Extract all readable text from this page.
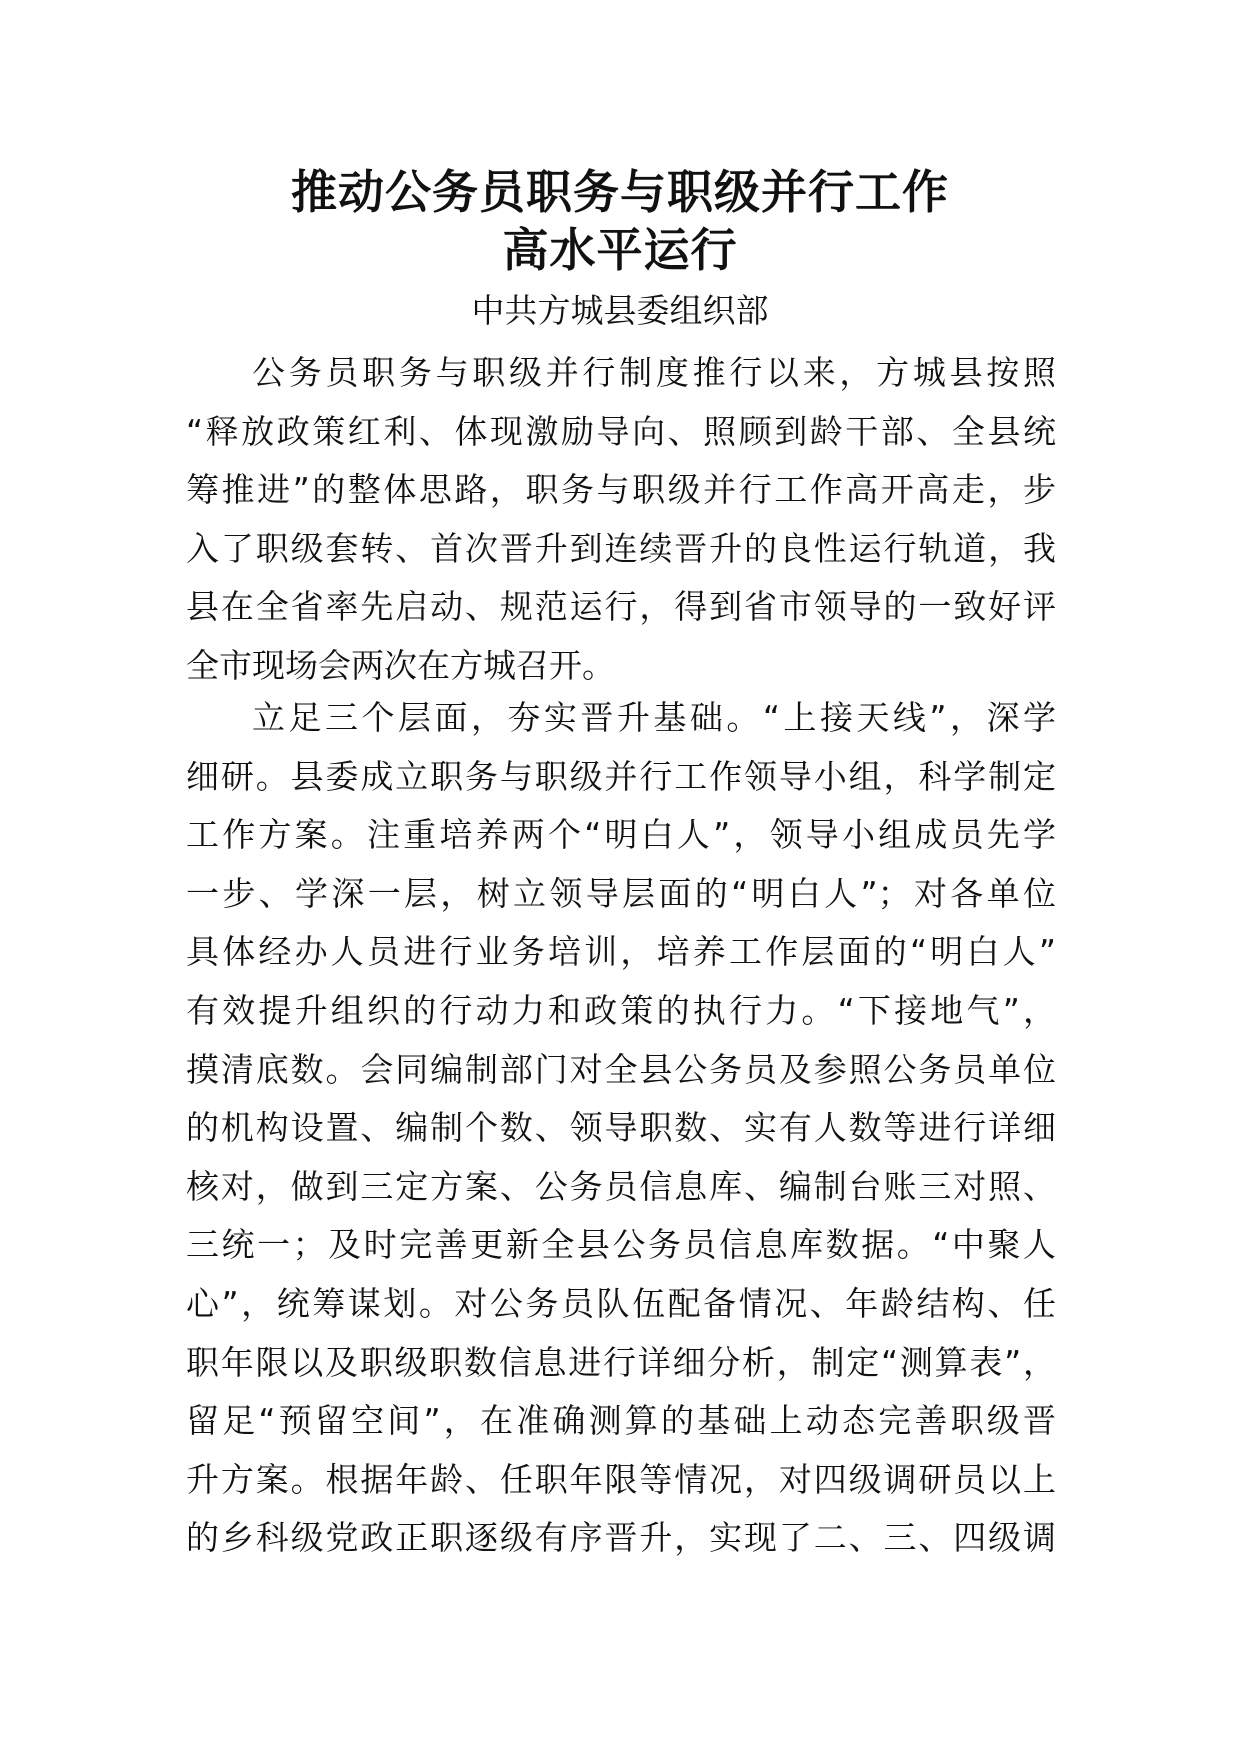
推动公务员职务与职级并行工作
高水平运行
中共方城县委组织部
公务员职务与职级并行制度推行以来，方城县按照
“释放政策红利、体现激励导向、照顾到龄干部、全县统
筹推进”的整体思路，职务与职级并行工作高开高走，步
入了职级套转、首次晋升到连续晋升的良性运行轨道，我
县在全省率先启动、规范运行，得到省市领导的一致好评
全市现场会两次在方城召开。
立足三个层面，夯实晋升基础。“上接天线”，深学
细研。县委成立职务与职级并行工作领导小组，科学制定
工作方案。注重培养两个“明白人”，领导小组成员先学
一步、学深一层，树立领导层面的“明白人”；对各单位
具体经办人员进行业务培训，培养工作层面的“明白人”
有效提升组织的行动力和政策的执行力。“下接地气”，
摸清底数。会同编制部门对全县公务员及参照公务员单位
的机构设置、编制个数、领导职数、实有人数等进行详细
核对，做到三定方案、公务员信息库、编制台账三对照、
三统一；及时完善更新全县公务员信息库数据。“中聚人
心”，统筹谋划。对公务员队伍配备情况、年龄结构、任
职年限以及职级职数信息进行详细分析，制定“测算表”，
留足“预留空间”，在准确测算的基础上动态完善职级晋
升方案。根据年龄、任职年限等情况，对四级调研员以上
的乡科级党政正职逐级有序晋升，实现了二、三、四级调
